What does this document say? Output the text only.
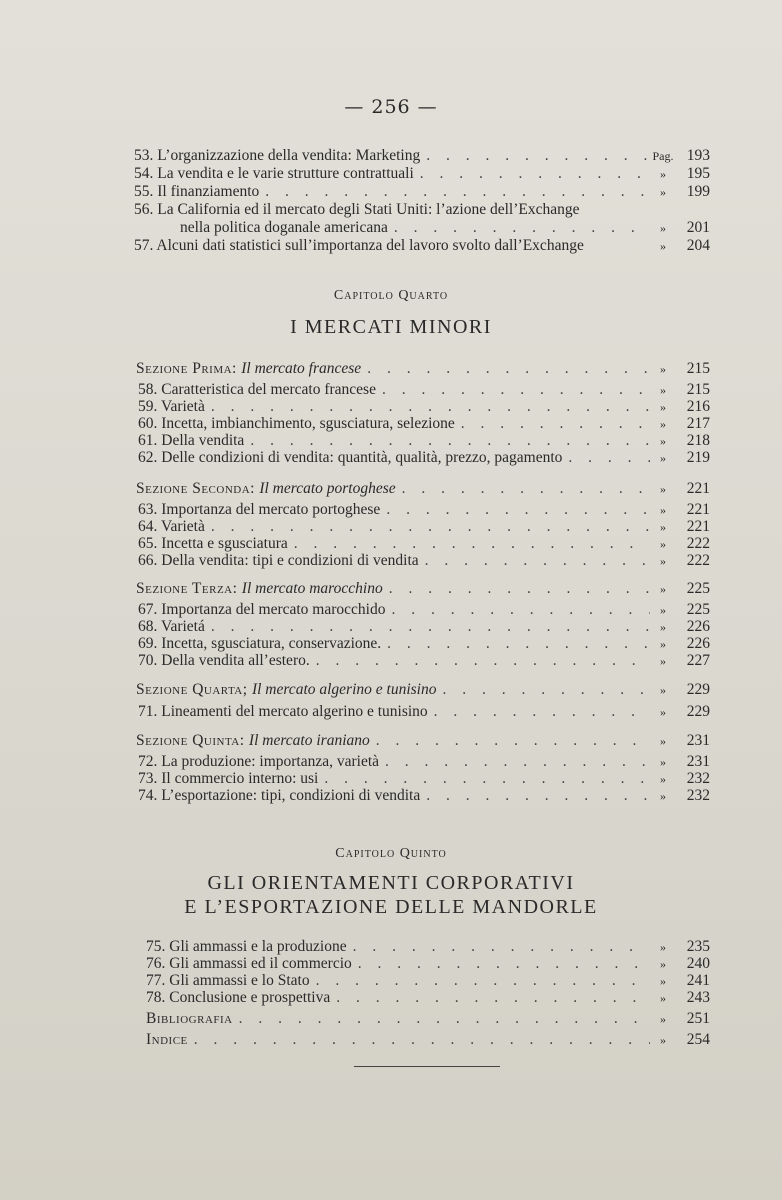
— 256 —
53. L’organizzazione della vendita: Marketing . . .	Pag. 193
54. La vendita e le varie strutture contrattuali . . .	»	195
55. Il finanziamento . . .	»	199
56. La California ed il mercato degli Stati Uniti: l’azione dell’Exchange
nella politica doganale americana . . .	»	201
57. Alcuni dati statistici sull’importanza del lavoro svolto dall’Exchange	»	204
Capitolo Quarto
I MERCATI MINORI
Sezione Prima: Il mercato francese . . .	»	215
58. Caratteristica del mercato francese . . .	»	215
59. Varietà . . .	»	216
60. Incetta, imbianchimento, sgusciatura, selezione . . .	»	217
61. Della vendita . . .	»	218
62. Delle condizioni di vendita: quantità, qualità, prezzo, pagamento . . .	»	219
Sezione Seconda: Il mercato portoghese . . .	»	221
63. Importanza del mercato portoghese . . .	»	221
64. Varietà . . .	»	221
65. Incetta e sgusciatura . . .	»	222
66. Della vendita: tipi e condizioni di vendita . . .	»	222
Sezione Terza: Il mercato marocchino . . .	»	225
67. Importanza del mercato marocchido . . .	»	225
68. Varietá . . .	»	226
69. Incetta, sgusciatura, conservazione. . . .	»	226
70. Della vendita all’estero. . . .	»	227
Sezione Quarta; Il mercato algerino e tunisino . . .	»	229
71. Lineamenti del mercato algerino e tunisino . . .	»	229
Sezione Quinta: Il mercato iraniano . . .	»	231
72. La produzione: importanza, varietà . . .	»	231
73. Il commercio interno: usi . . .	»	232
74. L’esportazione: tipi, condizioni di vendita . . .	»	232
Capitolo Quinto
GLI ORIENTAMENTI CORPORATIVI
E L’ESPORTAZIONE DELLE MANDORLE
75. Gli ammassi e la produzione . . .	»	235
76. Gli ammassi ed il commercio . . .	»	240
77. Gli ammassi e lo Stato . . .	»	241
78. Conclusione e prospettiva . . .	»	243
Bibliografia . . .	»	251
Indice . . .	»	254
